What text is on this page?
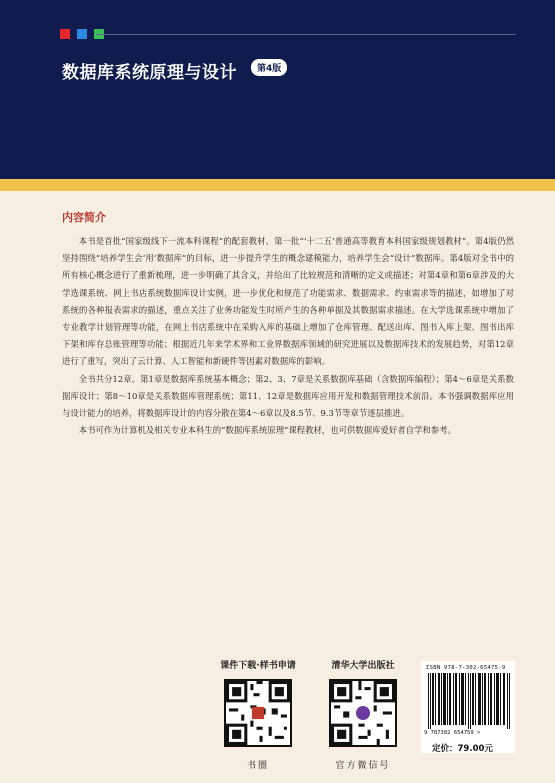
数据库系统原理与设计	第4版
内容简介

本书是首批“国家级线下一流本科课程”的配套教材、第一批“‘十二五’普通高等教育本科国家级规划教材”。第4版仍然坚持围绕“培养学生会‘用’数据库”的目标，进一步提升学生的概念建模能力，培养学生会“设计”数据库。第4版对全书中的所有核心概念进行了重新梳理，进一步明确了其含义，并给出了比较规范和清晰的定义或描述；对第4章和第6章涉及的大学选课系统、网上书店系统数据库设计实例，进一步优化和规范了功能需求、数据需求、约束需求等的描述，如增加了对系统的各种报表需求的描述，重点关注了业务功能发生时所产生的各种单据及其数据需求描述。在大学选课系统中增加了专业教学计划管理等功能，在网上书店系统中在采购入库的基础上增加了仓库管理、配送出库、图书入库上架、图书出库下架和库存总账管理等功能；根据近几年来学术界和工业界数据库领域的研究进展以及数据库技术的发展趋势，对第12章进行了重写，突出了云计算、人工智能和新硬件等因素对数据库的影响。

全书共分12章。第1章是数据库系统基本概念；第2、3、7章是关系数据库基础（含数据库编程）；第4～6章是关系数据库设计；第8～10章是关系数据库管理系统；第11、12章是数据库应用开发和数据管理技术前沿。本书强调数据库应用与设计能力的培养，将数据库设计的内容分散在第4～6章以及8.5节、9.3节等章节逐层推进。

本书可作为计算机及相关专业本科生的“数据库系统原理”课程教材，也可供数据库爱好者自学和参考。

课件下载·样书申请
书圈
清华大学出版社
官方微信号
ISBN 978-7-302-65475-9
9 787302 654759 >
定价：79.00元
